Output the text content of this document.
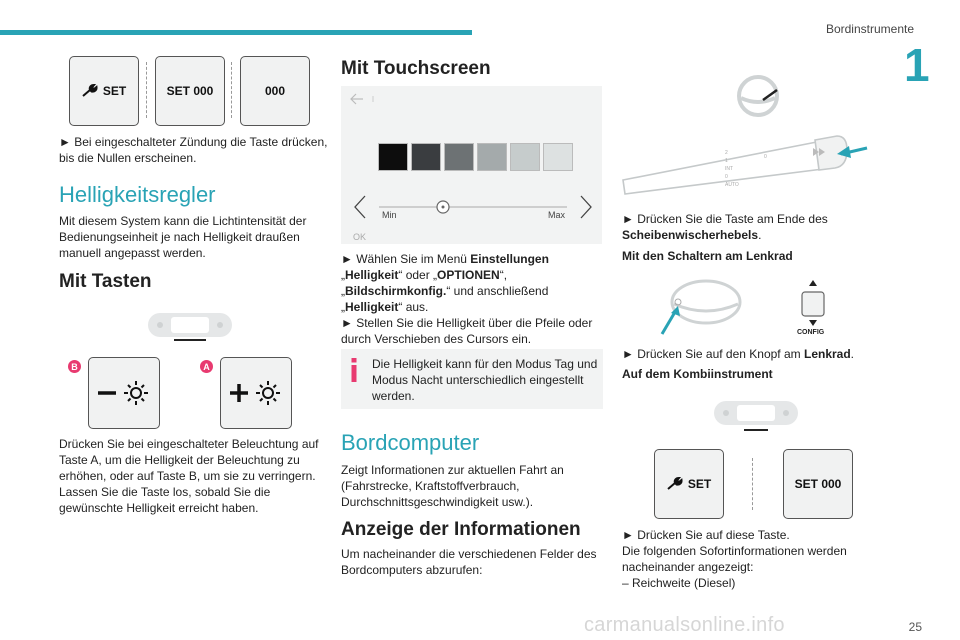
Bordinstrumente
1
SET	SET 000	000

► Bei eingeschalteter Zündung die Taste drücken, bis die Nullen erscheinen.

Helligkeitsregler

Mit diesem System kann die Lichtintensität der Bedienungseinheit je nach Helligkeit draußen manuell angepasst werden.

Mit Tasten
B	A

Drücken Sie bei eingeschalteter Beleuchtung auf Taste A, um die Helligkeit der Beleuchtung zu erhöhen, oder auf Taste B, um sie zu verringern. Lassen Sie die Taste los, sobald Sie die gewünschte Helligkeit erreicht haben.

Mit Touchscreen
Min	Max
OK

► Wählen Sie im Menü Einstellungen „Helligkeit“ oder „OPTIONEN“, „Bildschirmkonfig.“ und anschließend „Helligkeit“ aus.

► Stellen Sie die Helligkeit über die Pfeile oder durch Verschieben des Cursors ein.

Die Helligkeit kann für den Modus Tag und Modus Nacht unterschiedlich eingestellt werden.

Bordcomputer

Zeigt Informationen zur aktuellen Fahrt an (Fahrstrecke, Kraftstoffverbrauch, Durchschnittsgeschwindigkeit usw.).

Anzeige der Informationen

Um nacheinander die verschiedenen Felder des Bordcomputers abzurufen:

2
1
INT
0
AUTO
0

► Drücken Sie die Taste am Ende des Scheibenwischerhebels.

Mit den Schaltern am Lenkrad
CONFIG

► Drücken Sie auf den Knopf am Lenkrad.

Auf dem Kombiinstrument
SET	SET 000

► Drücken Sie auf diese Taste.

Die folgenden Sofortinformationen werden nacheinander angezeigt:

– Reichweite (Diesel)

carmanualsonline.info	25
